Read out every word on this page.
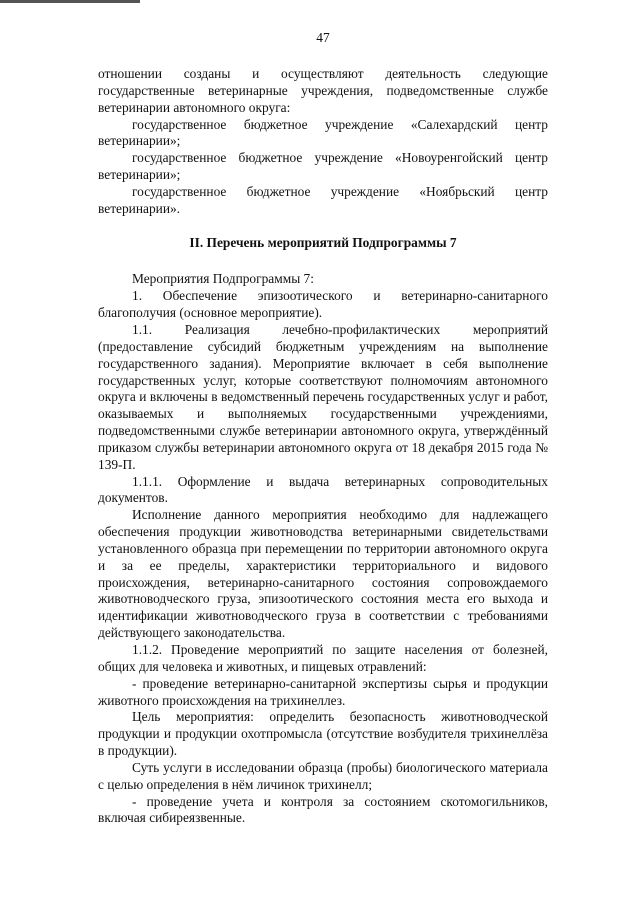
47

отношении созданы и осуществляют деятельность следующие государственные ветеринарные учреждения, подведомственные службе ветеринарии автономного округа:

государственное бюджетное учреждение «Салехардский центр ветеринарии»;

государственное бюджетное учреждение «Новоуренгойский центр ветеринарии»;

государственное бюджетное учреждение «Ноябрьский центр ветеринарии».

II. Перечень мероприятий Подпрограммы 7

Мероприятия Подпрограммы 7:

1. Обеспечение эпизоотического и ветеринарно-санитарного благополучия (основное мероприятие).

1.1. Реализация лечебно-профилактических мероприятий (предоставление субсидий бюджетным учреждениям на выполнение государственного задания). Мероприятие включает в себя выполнение государственных услуг, которые соответствуют полномочиям автономного округа и включены в ведомственный перечень государственных услуг и работ, оказываемых и выполняемых государственными учреждениями, подведомственными службе ветеринарии автономного округа, утверждённый приказом службы ветеринарии автономного округа от 18 декабря 2015 года № 139-П.

1.1.1. Оформление и выдача ветеринарных сопроводительных документов.

Исполнение данного мероприятия необходимо для надлежащего обеспечения продукции животноводства ветеринарными свидетельствами установленного образца при перемещении по территории автономного округа и за ее пределы, характеристики территориального и видового происхождения, ветеринарно-санитарного состояния сопровождаемого животноводческого груза, эпизоотического состояния места его выхода и идентификации животноводческого груза в соответствии с требованиями действующего законодательства.

1.1.2. Проведение мероприятий по защите населения от болезней, общих для человека и животных, и пищевых отравлений:

- проведение ветеринарно-санитарной экспертизы сырья и продукции животного происхождения на трихинеллез.

Цель мероприятия: определить безопасность животноводческой продукции и продукции охотпромысла (отсутствие возбудителя трихинеллёза в продукции).

Суть услуги в исследовании образца (пробы) биологического материала с целью определения в нём личинок трихинелл;

- проведение учета и контроля за состоянием скотомогильников, включая сибиреязвенные.
